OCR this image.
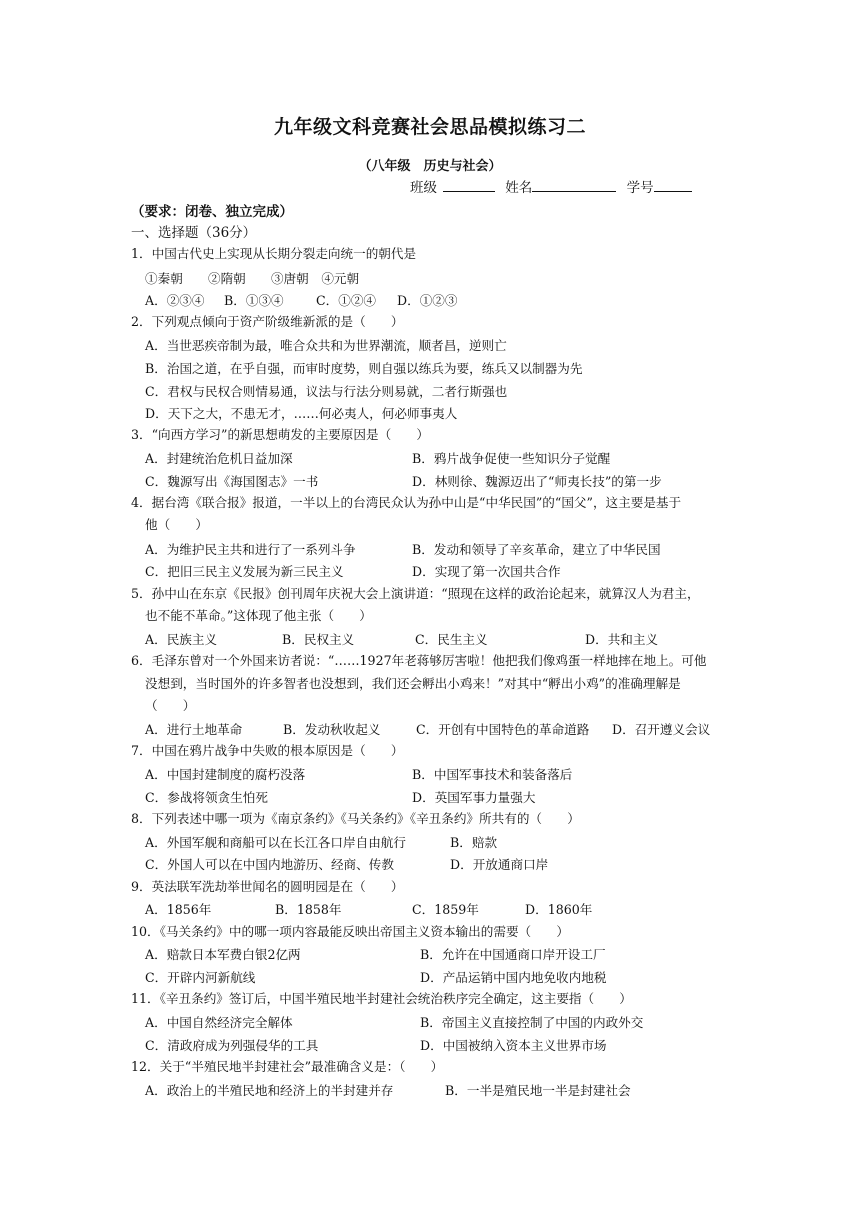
九年级文科竞赛社会思品模拟练习二
（八年级　历史与社会）
班级	姓名	学号
（要求：闭卷、独立完成）
一、选择题（36分）
1．中国古代史上实现从长期分裂走向统一的朝代是
①秦朝　　②隋朝　　③唐朝　④元朝
A．②③④ B．①③④	C．①②④ D．①②③
2．下列观点倾向于资产阶级维新派的是（　　）
A．当世恶疾帝制为最，唯合众共和为世界潮流，顺者昌，逆则亡
B．治国之道，在乎自强，而审时度势，则自强以练兵为要，练兵又以制器为先
C．君权与民权合则情易通，议法与行法分则易就，二者行斯强也
D．天下之大，不患无才，……何必夷人，何必师事夷人
3．“向西方学习”的新思想萌发的主要原因是（　　）
A．封建统治危机日益加深	B．鸦片战争促使一些知识分子觉醒
C．魏源写出《海国图志》一书	D．林则徐、魏源迈出了“师夷长技”的第一步
4．据台湾《联合报》报道，一半以上的台湾民众认为孙中山是“中华民国”的“国父”，这主要是基于
他（　　）
A．为维护民主共和进行了一系列斗争	B．发动和领导了辛亥革命，建立了中华民国
C．把旧三民主义发展为新三民主义	D．实现了第一次国共合作
5．孙中山在东京《民报》创刊周年庆祝大会上演讲道：“照现在这样的政治论起来，就算汉人为君主，
也不能不革命。”这体现了他主张（　　）
A．民族主义	B．民权主义	C．民生主义	D．共和主义
6．毛泽东曾对一个外国来访者说：“……1927年老蒋够厉害啦！他把我们像鸡蛋一样地摔在地上。可他
没想到，当时国外的许多智者也没想到，我们还会孵出小鸡来！”对其中“孵出小鸡”的准确理解是
（　　）
A．进行土地革命	B．发动秋收起义	C．开创有中国特色的革命道路 D．召开遵义会议
7．中国在鸦片战争中失败的根本原因是（　　）
A．中国封建制度的腐朽没落	B．中国军事技术和装备落后
C．参战将领贪生怕死	D．英国军事力量强大
8．下列表述中哪一项为《南京条约》《马关条约》《辛丑条约》所共有的（　　）
A．外国军舰和商船可以在长江各口岸自由航行	B．赔款
C．外国人可以在中国内地游历、经商、传教	D．开放通商口岸
9．英法联军洗劫举世闻名的圆明园是在（　　）
A．1856年	B．1858年	C．1859年	D．1860年
10．《马关条约》中的哪一项内容最能反映出帝国主义资本输出的需要（　　）
A．赔款日本军费白银2亿两	B．允许在中国通商口岸开设工厂
C．开辟内河新航线	D．产品运销中国内地免收内地税
11．《辛丑条约》签订后，中国半殖民地半封建社会统治秩序完全确定，这主要指（　　）
A．中国自然经济完全解体	B．帝国主义直接控制了中国的内政外交
C．清政府成为列强侵华的工具	D．中国被纳入资本主义世界市场
12．关于“半殖民地半封建社会”最准确含义是：（　　）
A．政治上的半殖民地和经济上的半封建并存	B．一半是殖民地一半是封建社会
